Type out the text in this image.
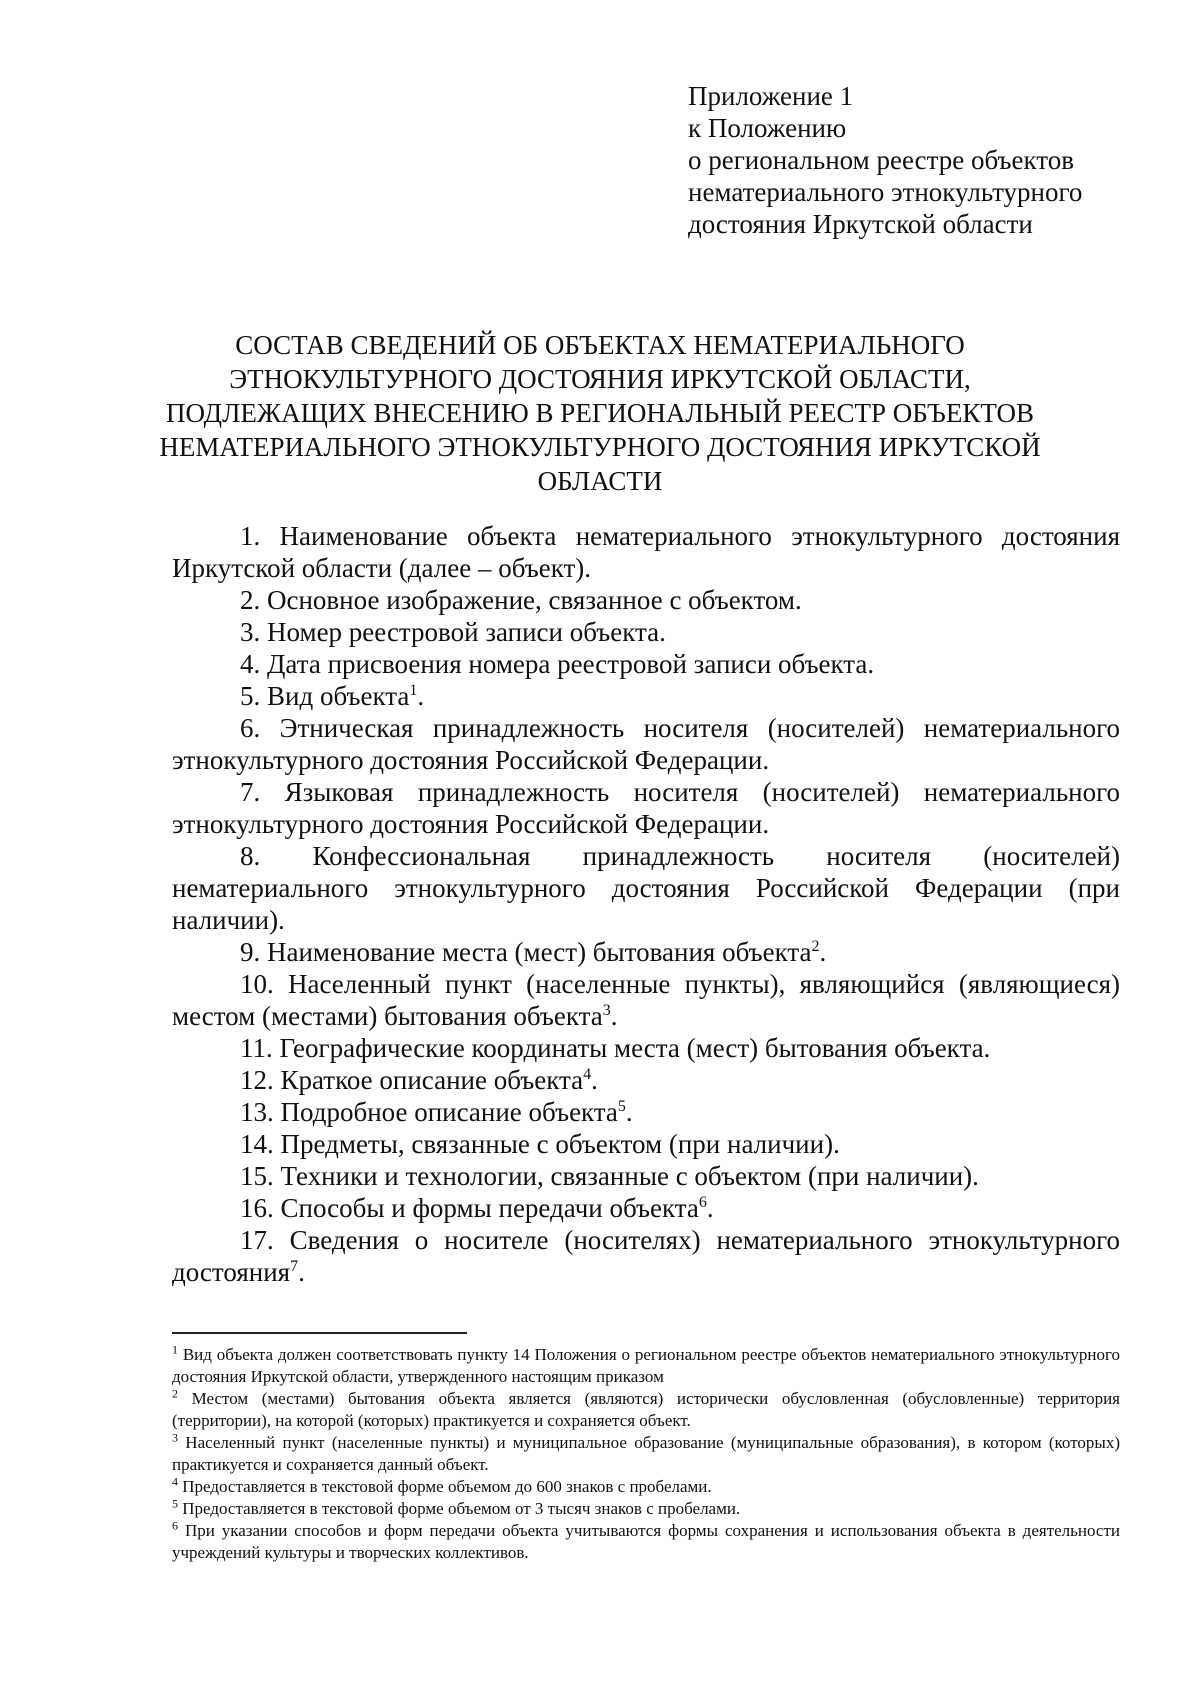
Приложение 1
к Положению
о региональном реестре объектов
нематериального этнокультурного
достояния Иркутской области
СОСТАВ СВЕДЕНИЙ ОБ ОБЪЕКТАХ НЕМАТЕРИАЛЬНОГО
ЭТНОКУЛЬТУРНОГО ДОСТОЯНИЯ ИРКУТСКОЙ ОБЛАСТИ,
ПОДЛЕЖАЩИХ ВНЕСЕНИЮ В РЕГИОНАЛЬНЫЙ РЕЕСТР ОБЪЕКТОВ
НЕМАТЕРИАЛЬНОГО ЭТНОКУЛЬТУРНОГО ДОСТОЯНИЯ ИРКУТСКОЙ
ОБЛАСТИ
1. Наименование объекта нематериального этнокультурного достояния Иркутской области (далее – объект).
2. Основное изображение, связанное с объектом.
3. Номер реестровой записи объекта.
4. Дата присвоения номера реестровой записи объекта.
5. Вид объекта$^1$.
6. Этническая принадлежность носителя (носителей) нематериального этнокультурного достояния Российской Федерации.
7. Языковая принадлежность носителя (носителей) нематериального этнокультурного достояния Российской Федерации.
8. Конфессиональная принадлежность носителя (носителей) нематериального этнокультурного достояния Российской Федерации (при наличии).
9. Наименование места (мест) бытования объекта$^2$.
10. Населенный пункт (населенные пункты), являющийся (являющиеся) местом (местами) бытования объекта$^3$.
11. Географические координаты места (мест) бытования объекта.
12. Краткое описание объекта$^4$.
13. Подробное описание объекта$^5$.
14. Предметы, связанные с объектом (при наличии).
15. Техники и технологии, связанные с объектом (при наличии).
16. Способы и формы передачи объекта$^6$.
17. Сведения о носителе (носителях) нематериального этнокультурного достояния$^7$.
$^1$ Вид объекта должен соответствовать пункту 14 Положения о региональном реестре объектов нематериального этнокультурного достояния Иркутской области, утвержденного настоящим приказом
$^2$ Местом (местами) бытования объекта является (являются) исторически обусловленная (обусловленные) территория (территории), на которой (которых) практикуется и сохраняется объект.
$^3$ Населенный пункт (населенные пункты) и муниципальное образование (муниципальные образования), в котором (которых) практикуется и сохраняется данный объект.
$^4$ Предоставляется в текстовой форме объемом до 600 знаков с пробелами.
$^5$ Предоставляется в текстовой форме объемом от 3 тысяч знаков с пробелами.
$^6$ При указании способов и форм передачи объекта учитываются формы сохранения и использования объекта в деятельности учреждений культуры и творческих коллективов.
